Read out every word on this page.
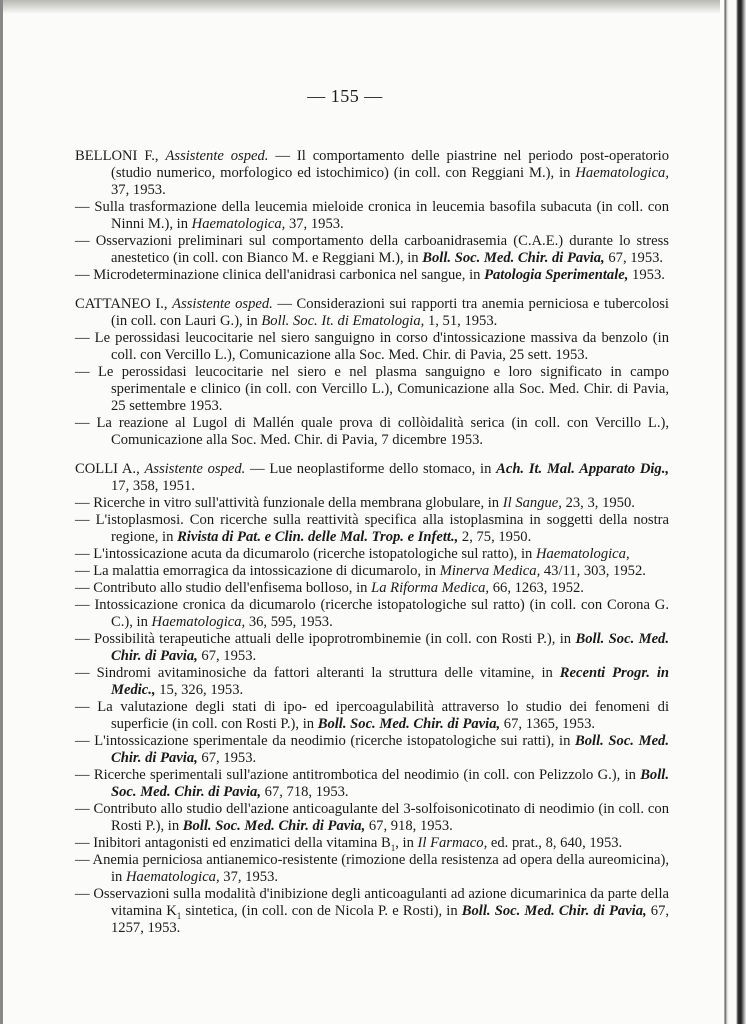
— 155 —
BELLONI F., Assistente osped. — Il comportamento delle piastrine nel periodo post-operatorio (studio numerico, morfologico ed istochimico) (in coll. con Reggiani M.), in Haematologica, 37, 1953.
— Sulla trasformazione della leucemia mieloide cronica in leucemia basofila subacuta (in coll. con Ninni M.), in Haematologica, 37, 1953.
— Osservazioni preliminari sul comportamento della carboanidrasemia (C.A.E.) durante lo stress anestetico (in coll. con Bianco M. e Reggiani M.), in Boll. Soc. Med. Chir. di Pavia, 67, 1953.
— Microdeterminazione clinica dell'anidrasi carbonica nel sangue, in Patologia Sperimentale, 1953.
CATTANEO I., Assistente osped. — Considerazioni sui rapporti tra anemia perniciosa e tubercolosi (in coll. con Lauri G.), in Boll. Soc. It. di Ematologia, 1, 51, 1953.
— Le perossidasi leucocitarie nel siero sanguigno in corso d'intossicazione massiva da benzolo (in coll. con Vercillo L.), Comunicazione alla Soc. Med. Chir. di Pavia, 25 sett. 1953.
— Le perossidasi leucocitarie nel siero e nel plasma sanguigno e loro significato in campo sperimentale e clinico (in coll. con Vercillo L.), Comunicazione alla Soc. Med. Chir. di Pavia, 25 settembre 1953.
— La reazione al Lugol di Mallén quale prova di collòidalità serica (in coll. con Vercillo L.), Comunicazione alla Soc. Med. Chir. di Pavia, 7 dicembre 1953.
COLLI A., Assistente osped. — Lue neoplastiforme dello stomaco, in Ach. It. Mal. Apparato Dig., 17, 358, 1951.
— Ricerche in vitro sull'attività funzionale della membrana globulare, in Il Sangue, 23, 3, 1950.
— L'istoplasmosi. Con ricerche sulla reattività specifica alla istoplasmina in soggetti della nostra regione, in Rivista di Pat. e Clin. delle Mal. Trop. e Infett., 2, 75, 1950.
— L'intossicazione acuta da dicumarolo (ricerche istopatologiche sul ratto), in Haematologica,
— La malattia emorragica da intossicazione di dicumarolo, in Minerva Medica, 43/11, 303, 1952.
— Contributo allo studio dell'enfisema bolloso, in La Riforma Medica, 66, 1263, 1952.
— Intossicazione cronica da dicumarolo (ricerche istopatologiche sul ratto) (in coll. con Corona G. C.), in Haematologica, 36, 595, 1953.
— Possibilità terapeutiche attuali delle ipoprotrombinemie (in coll. con Rosti P.), in Boll. Soc. Med. Chir. di Pavia, 67, 1953.
— Sindromi avitaminosiche da fattori alteranti la struttura delle vitamine, in Recenti Progr. in Medic., 15, 326, 1953.
— La valutazione degli stati di ipo- ed ipercoagulabilità attraverso lo studio dei fenomeni di superficie (in coll. con Rosti P.), in Boll. Soc. Med. Chir. di Pavia, 67, 1365, 1953.
— L'intossicazione sperimentale da neodimio (ricerche istopatologiche sui ratti), in Boll. Soc. Med. Chir. di Pavia, 67, 1953.
— Ricerche sperimentali sull'azione antitrombotica del neodimio (in coll. con Pelizzolo G.), in Boll. Soc. Med. Chir. di Pavia, 67, 718, 1953.
— Contributo allo studio dell'azione anticoagulante del 3-solfoisonicotinato di neodimio (in coll. con Rosti P.), in Boll. Soc. Med. Chir. di Pavia, 67, 918, 1953.
— Inibitori antagonisti ed enzimatici della vitamina $B_1$, in Il Farmaco, ed. prat., 8, 640, 1953.
— Anemia perniciosa antianemico-resistente (rimozione della resistenza ad opera della aureomicina), in Haematologica, 37, 1953.
— Osservazioni sulla modalità d'inibizione degli anticoagulanti ad azione dicumarinica da parte della vitamina $K_1$ sintetica, (in coll. con de Nicola P. e Rosti), in Boll. Soc. Med. Chir. di Pavia, 67, 1257, 1953.
